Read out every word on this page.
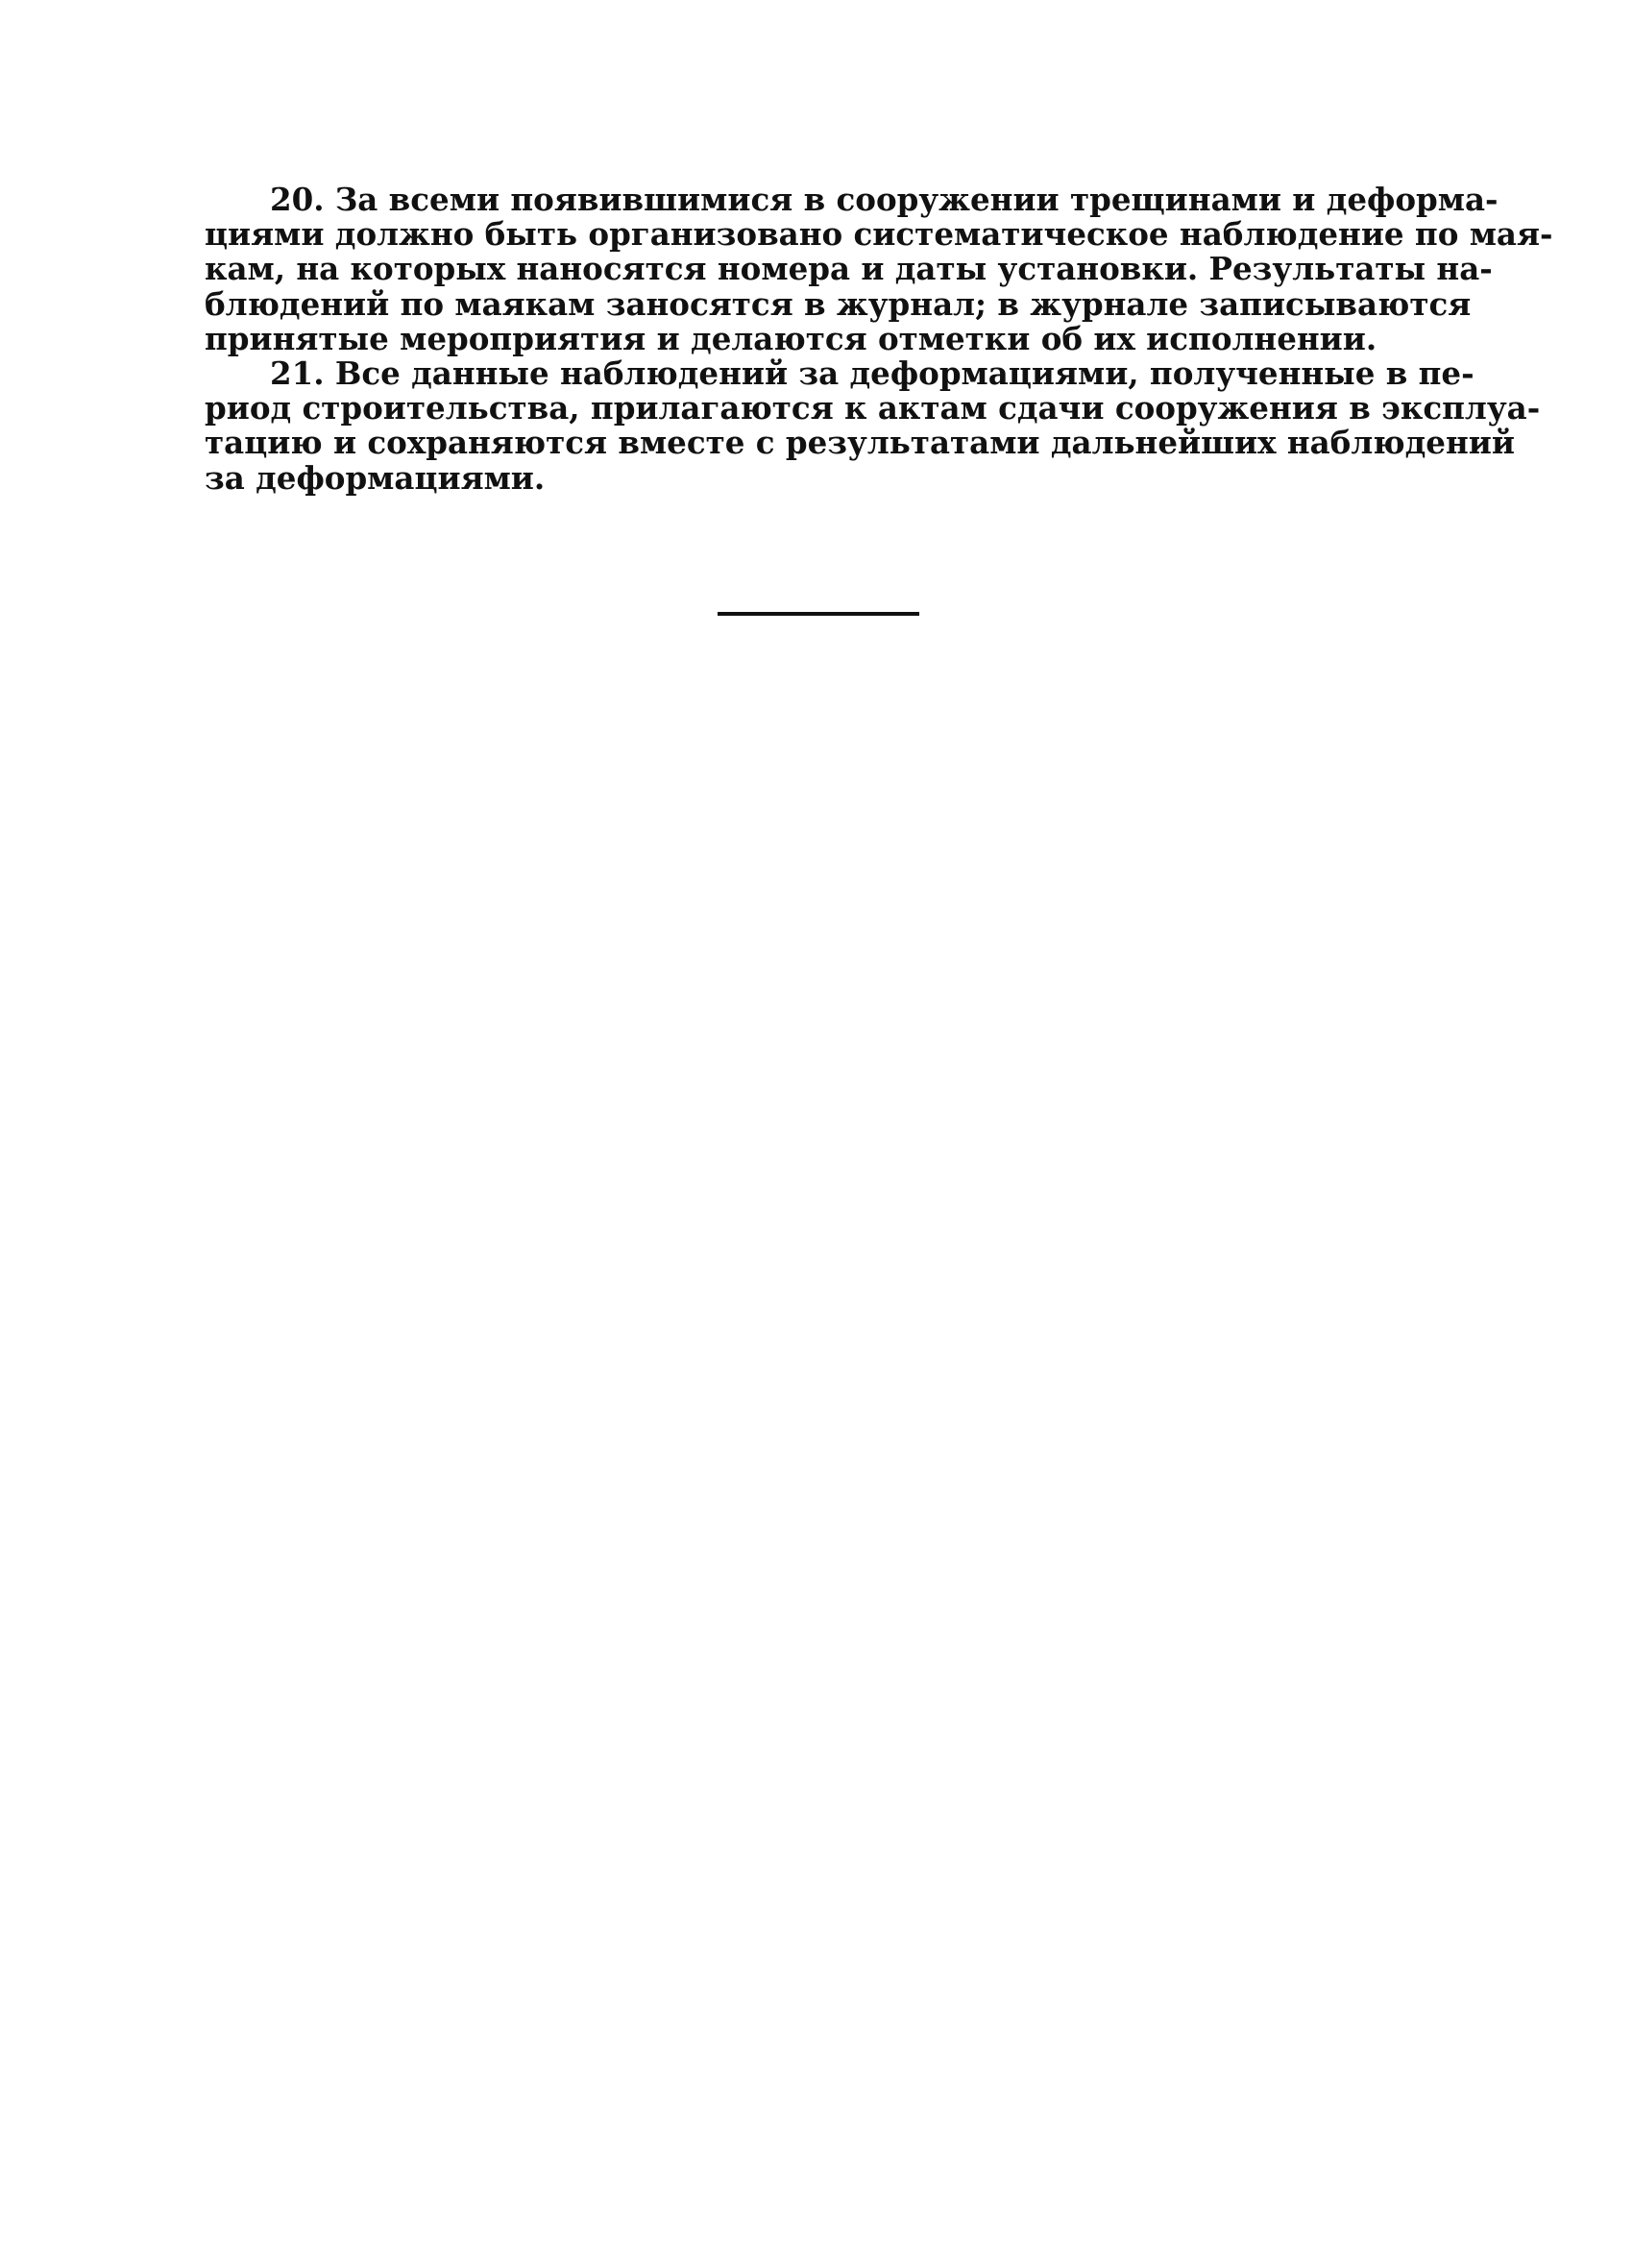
20. За всеми появившимися в сооружении трещинами и деформа-
циями должно быть организовано систематическое наблюдение по мая-
кам, на которых наносятся номера и даты установки. Результаты на-
блюдений по маякам заносятся в журнал; в журнале записываются
принятые мероприятия и делаются отметки об их исполнении.

21. Все данные наблюдений за деформациями, полученные в пе-
риод строительства, прилагаются к актам сдачи сооружения в эксплуа-
тацию и сохраняются вместе с результатами дальнейших наблюдений
за деформациями.
